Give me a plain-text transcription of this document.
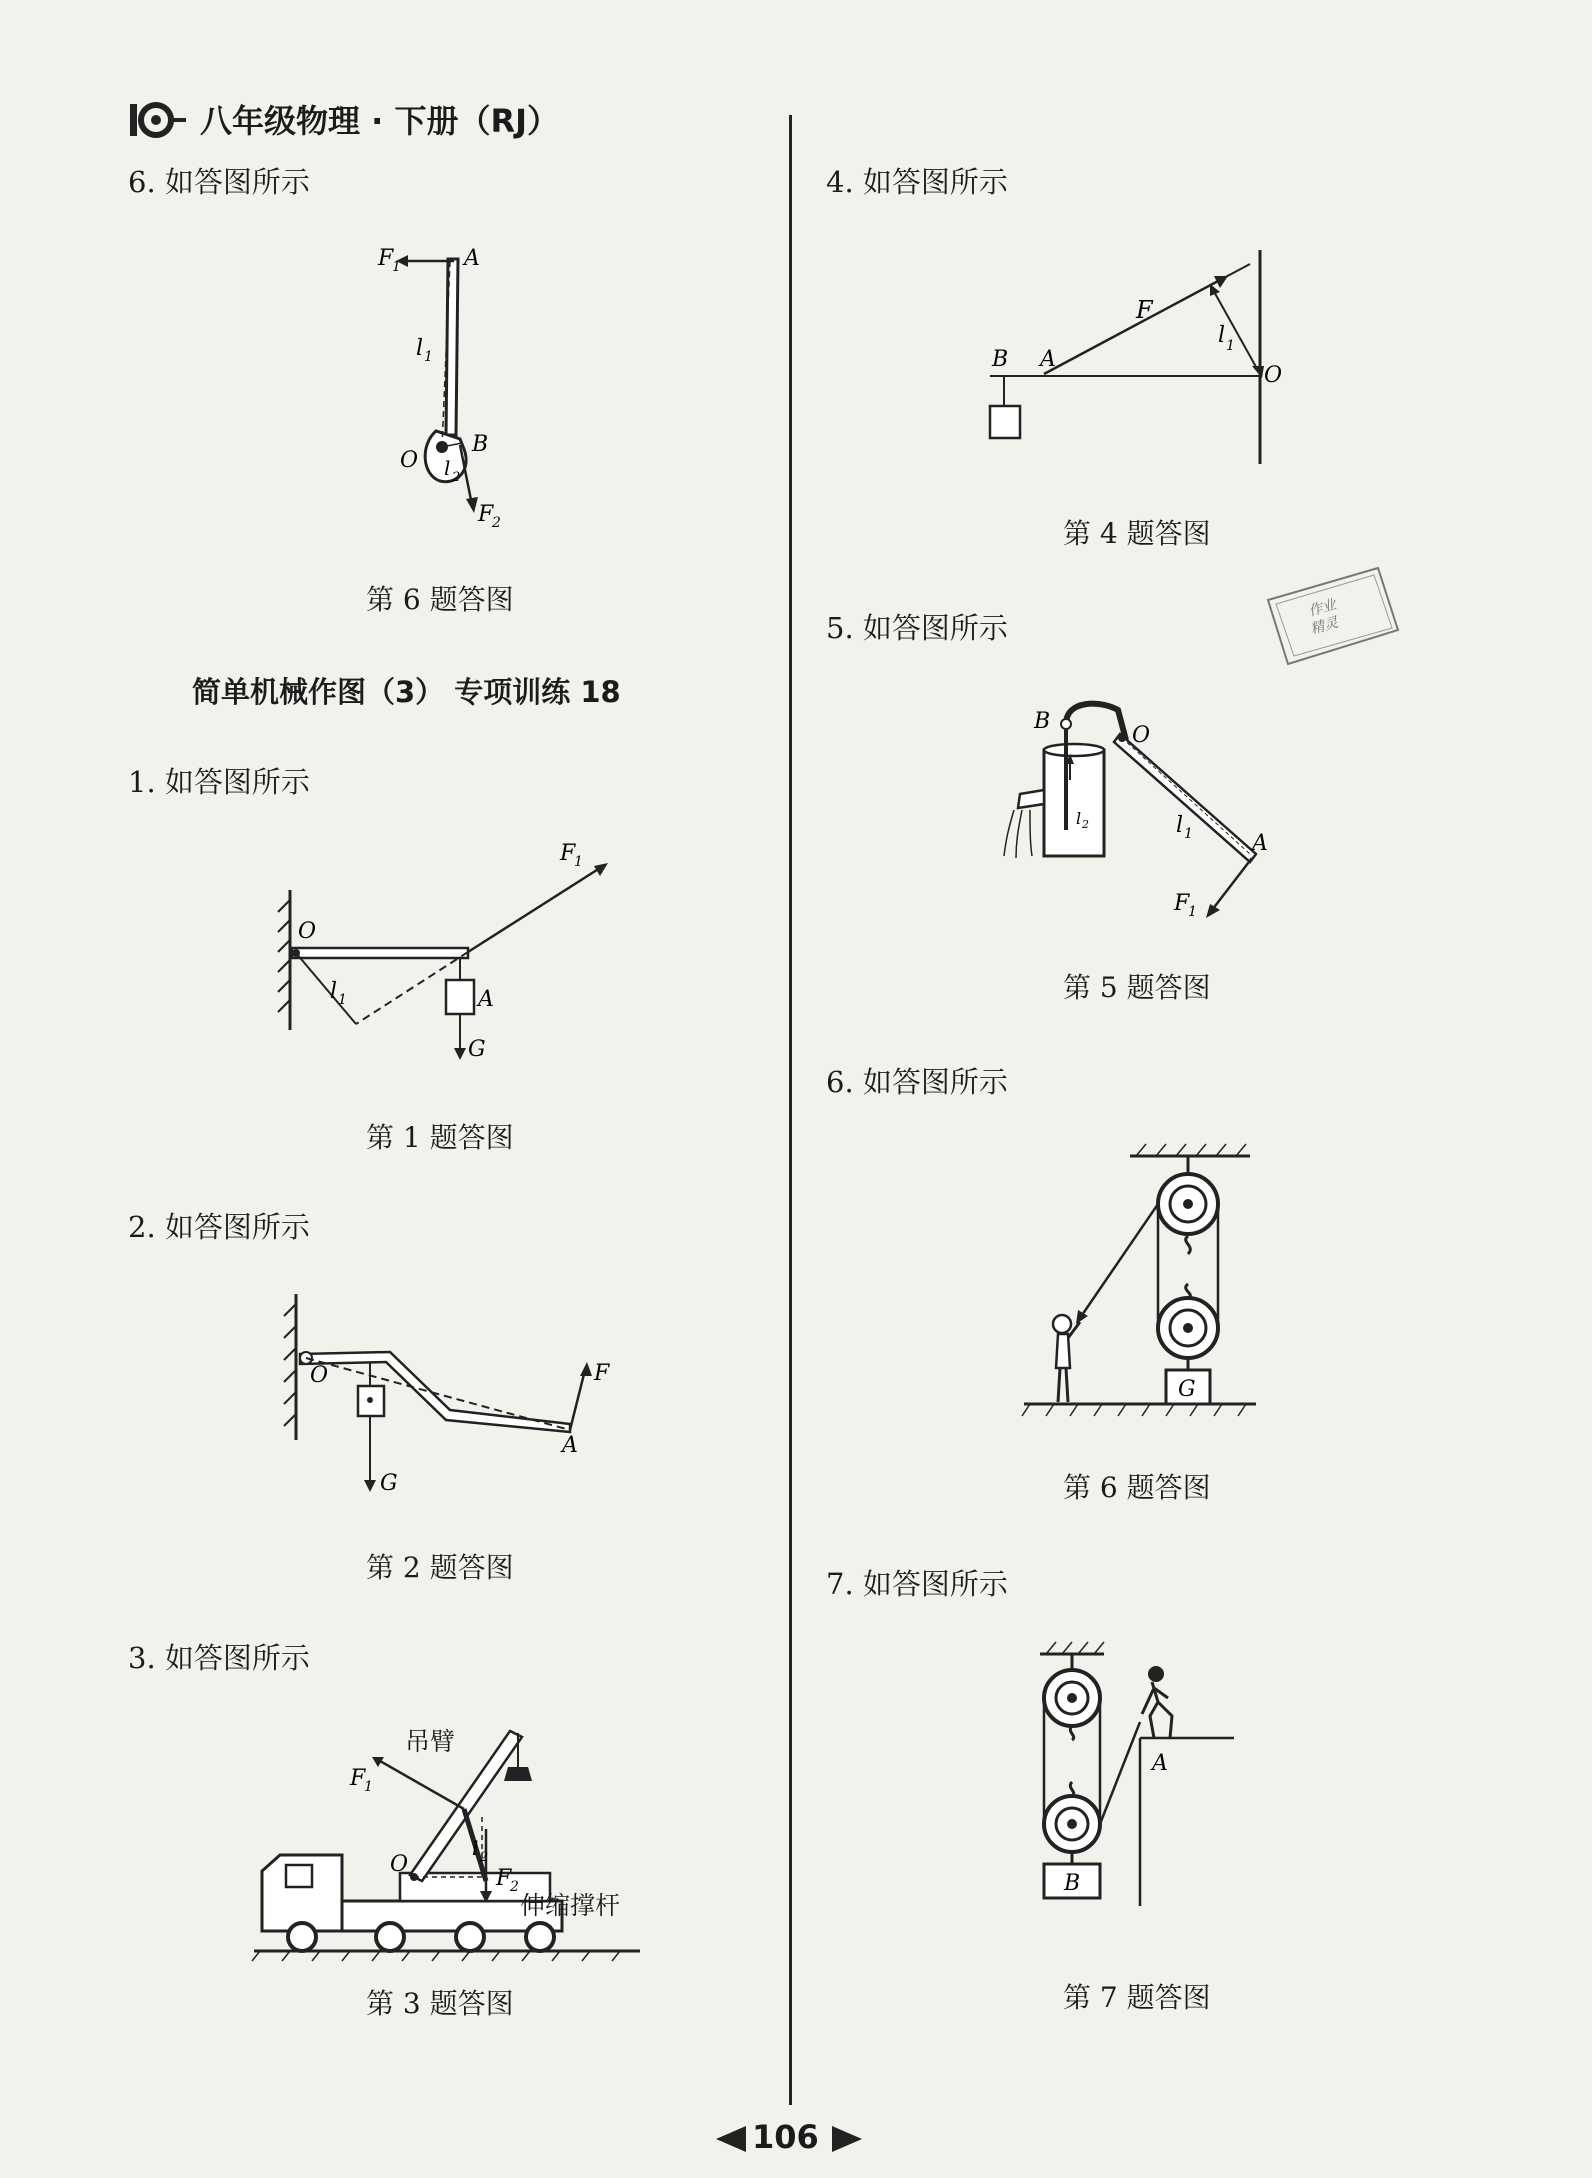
八年级物理 · 下册（RJ）
6. 如答图所示
F
1	A
l 1
O
B
l 2
F
2
第 6 题答图
简单机械作图（3） 专项训练 18
1. 如答图所示
F
1
O
A
G
l 1
第 1 题答图
2. 如答图所示
O	F
A
G
第 2 题答图
3. 如答图所示
F
1
O
l 2
F
2
吊臂
伸缩撑杆
第 3 题答图
4. 如答图所示
F
B A
l 1
O
第 4 题答图
5. 如答图所示
B
O
l 2	l 1	A
F
1
第 5 题答图
6. 如答图所示
G
第 6 题答图
7. 如答图所示
B
A
第 7 题答图
作业
精灵
106
